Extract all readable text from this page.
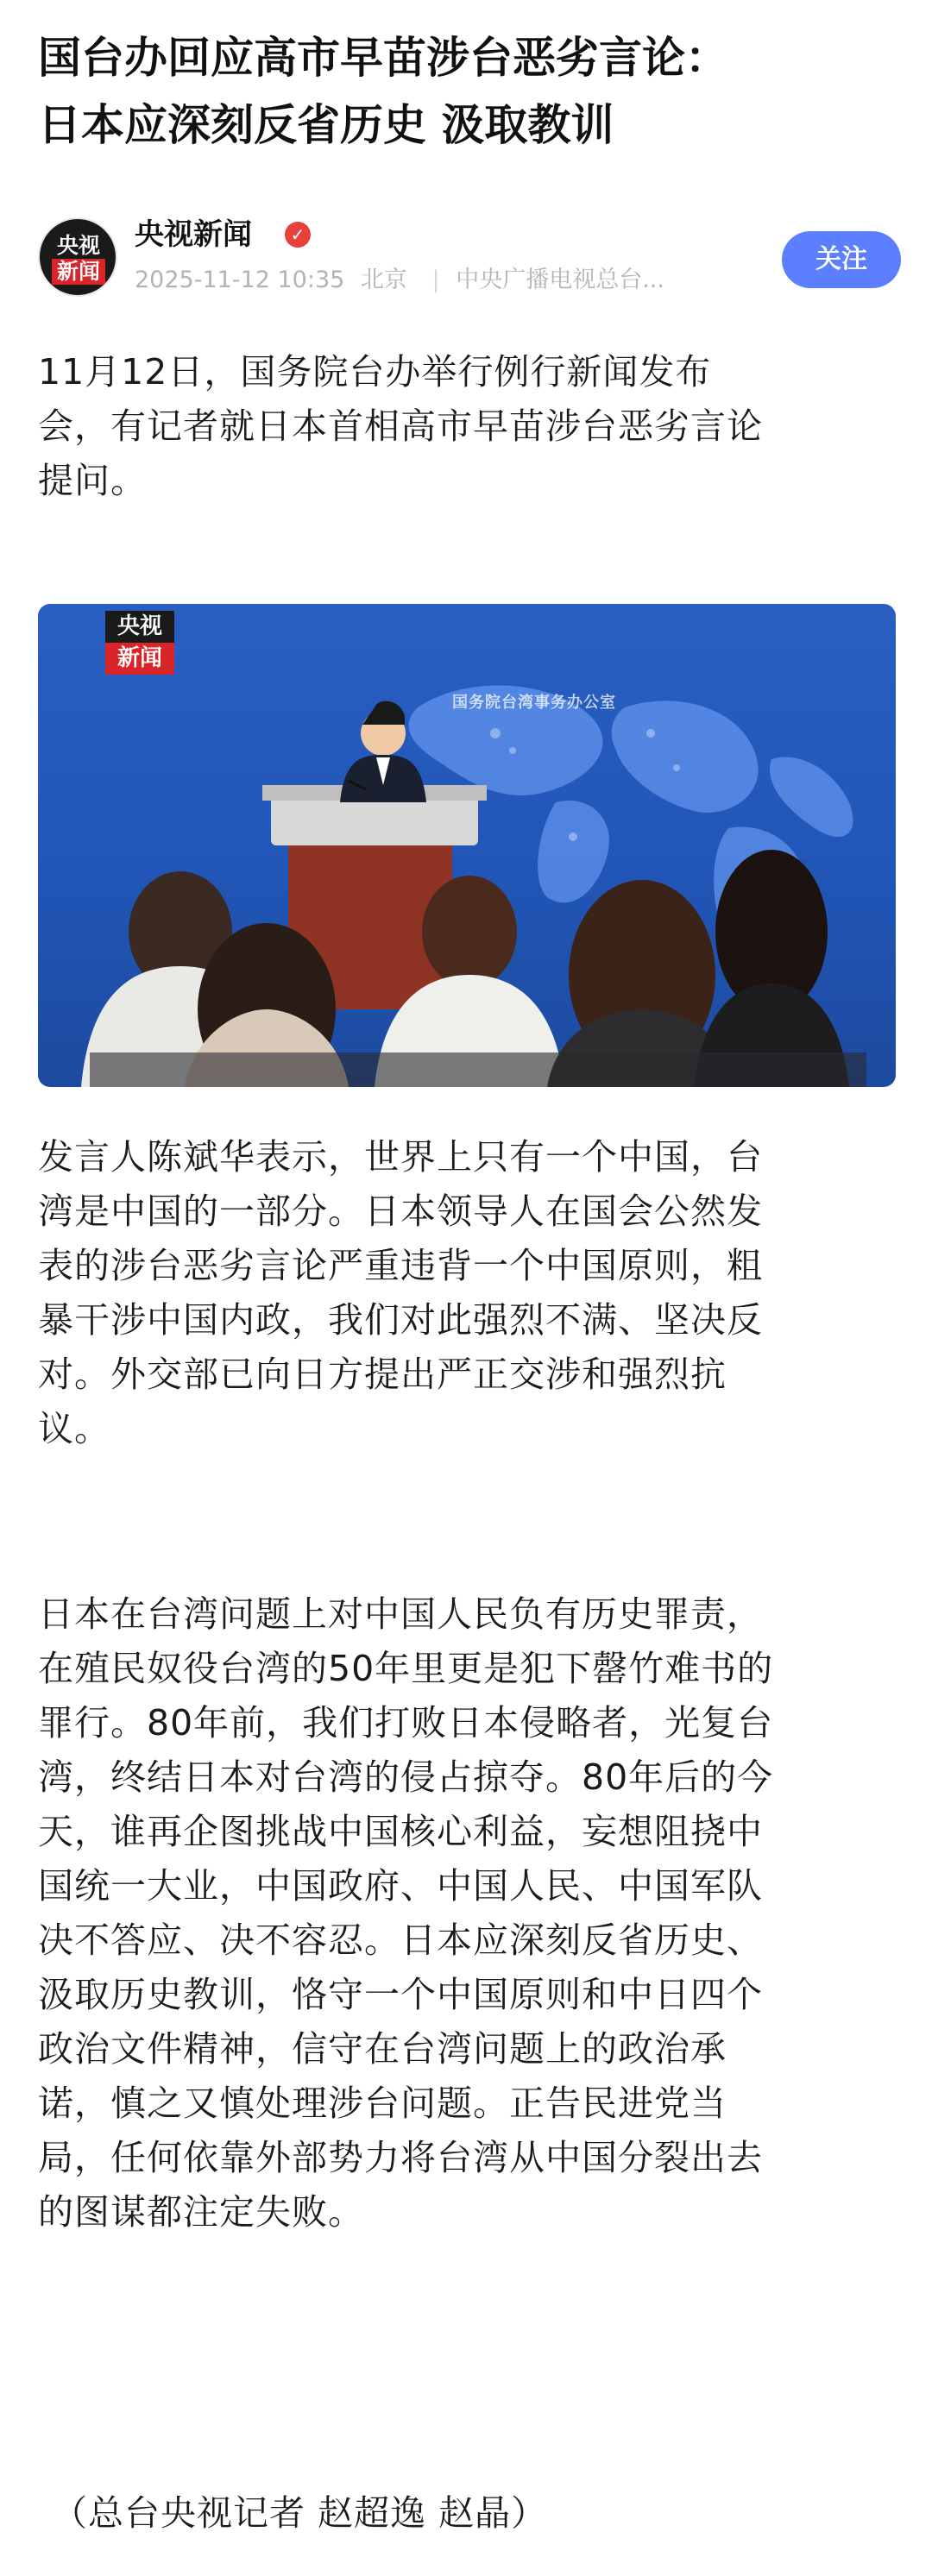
国台办回应高市早苗涉台恶劣言论：
日本应深刻反省历史 汲取教训
央视
新闻
央视新闻	✓
2025-11-12 10:35 北京 | 中央广播电视总台...
关注
11月12日，国务院台办举行例行新闻发布
会，有记者就日本首相高市早苗涉台恶劣言论
提问。
国务院台湾事务办公室
央视
新闻
发言人陈斌华表示，世界上只有一个中国，台
湾是中国的一部分。日本领导人在国会公然发
表的涉台恶劣言论严重违背一个中国原则，粗
暴干涉中国内政，我们对此强烈不满、坚决反
对。外交部已向日方提出严正交涉和强烈抗
议。
日本在台湾问题上对中国人民负有历史罪责，
在殖民奴役台湾的50年里更是犯下罄竹难书的
罪行。80年前，我们打败日本侵略者，光复台
湾，终结日本对台湾的侵占掠夺。80年后的今
天，谁再企图挑战中国核心利益，妄想阻挠中
国统一大业，中国政府、中国人民、中国军队
决不答应、决不容忍。日本应深刻反省历史、
汲取历史教训，恪守一个中国原则和中日四个
政治文件精神，信守在台湾问题上的政治承
诺，慎之又慎处理涉台问题。正告民进党当
局，任何依靠外部势力将台湾从中国分裂出去
的图谋都注定失败。
（总台央视记者 赵超逸 赵晶）
